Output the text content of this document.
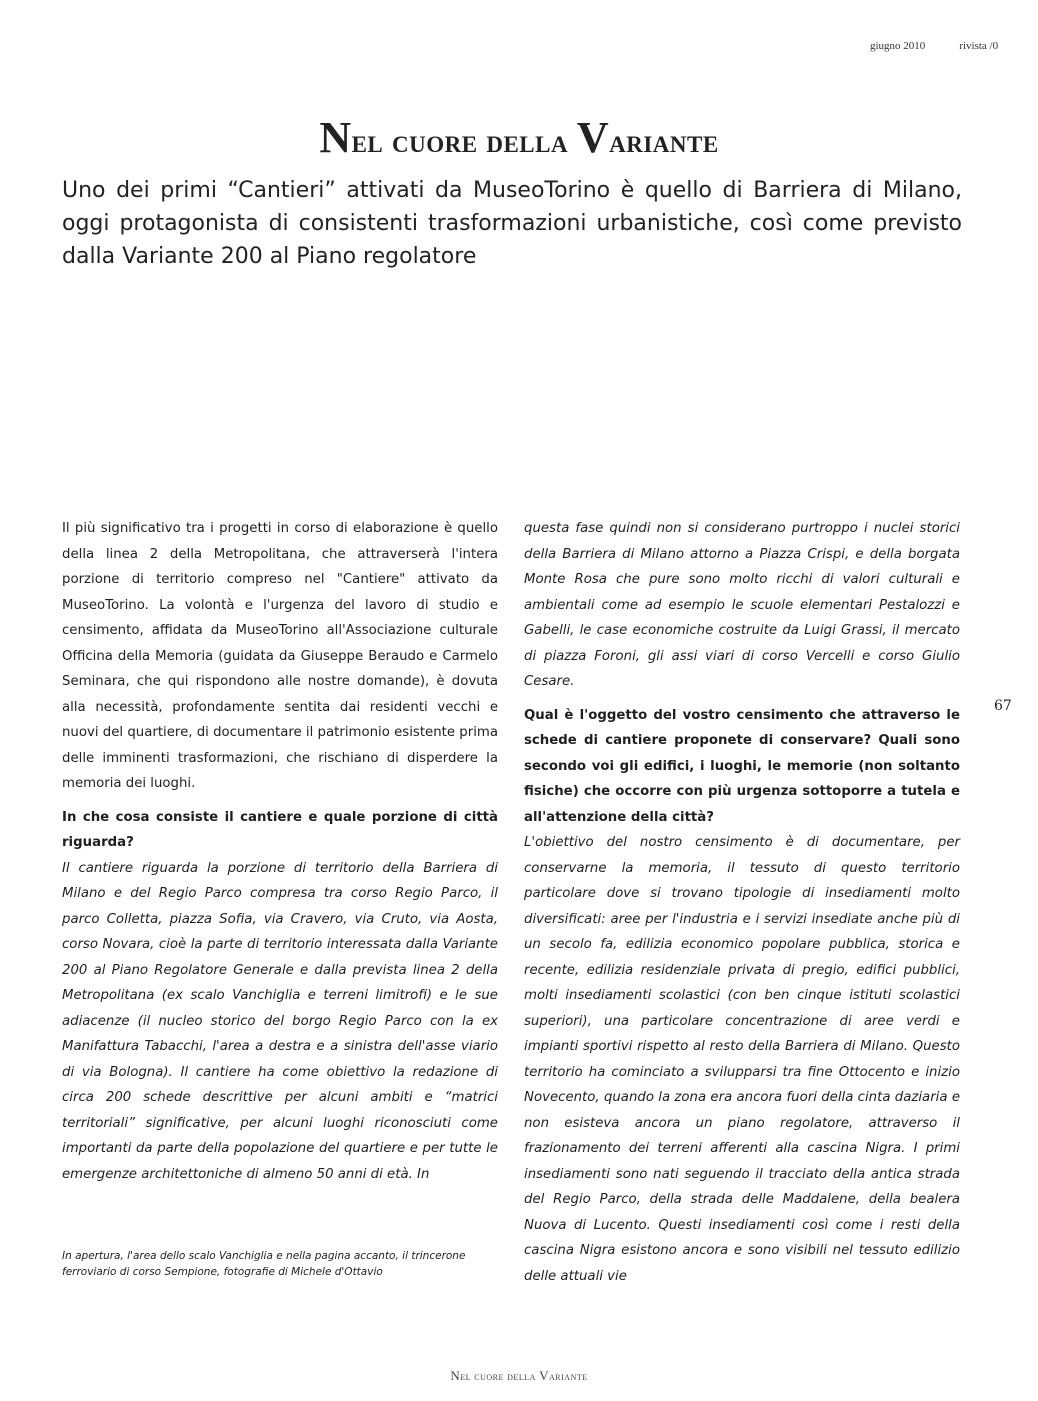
giugno 2010	rivista /0
Nel cuore della Variante

Uno dei primi “Cantieri” attivati da MuseoTorino è quello di Barriera di Milano, oggi protagonista di consistenti trasformazioni urbanistiche, così come previsto dalla Variante 200 al Piano regolatore

Il più significativo tra i progetti in corso di elaborazione è quello della linea 2 della Metropolitana, che attraverserà l'intera porzione di territorio compreso nel "Cantiere" attivato da MuseoTorino. La volontà e l'urgenza del lavoro di studio e censimento, affidata da MuseoTorino all'Associazione culturale Officina della Memoria (guidata da Giuseppe Beraudo e Carmelo Seminara, che qui rispondono alle nostre domande), è dovuta alla necessità, profondamente sentita dai residenti vecchi e nuovi del quartiere, di documentare il patrimonio esistente prima delle imminenti trasformazioni, che rischiano di disperdere la memoria dei luoghi.

In che cosa consiste il cantiere e quale porzione di città riguarda?

Il cantiere riguarda la porzione di territorio della Barriera di Milano e del Regio Parco compresa tra corso Regio Parco, il parco Colletta, piazza Sofia, via Cravero, via Cruto, via Aosta, corso Novara, cioè la parte di territorio interessata dalla Variante 200 al Piano Regolatore Generale e dalla prevista linea 2 della Metropolitana (ex scalo Vanchiglia e terreni limitrofi) e le sue adiacenze (il nucleo storico del borgo Regio Parco con la ex Manifattura Tabacchi, l'area a destra e a sinistra dell'asse viario di via Bologna). Il cantiere ha come obiettivo la redazione di circa 200 schede descrittive per alcuni ambiti e “matrici territoriali” significative, per alcuni luoghi riconosciuti come importanti da parte della popolazione del quartiere e per tutte le emergenze architettoniche di almeno 50 anni di età. In

In apertura, l'area dello scalo Vanchiglia e nella pagina accanto, il trincerone ferroviario di corso Sempione, fotografie di Michele d'Ottavio

questa fase quindi non si considerano purtroppo i nuclei storici della Barriera di Milano attorno a Piazza Crispi, e della borgata Monte Rosa che pure sono molto ricchi di valori culturali e ambientali come ad esempio le scuole elementari Pestalozzi e Gabelli, le case economiche costruite da Luigi Grassi, il mercato di piazza Foroni, gli assi viari di corso Vercelli e corso Giulio Cesare.

Qual è l'oggetto del vostro censimento che attraverso le schede di cantiere proponete di conservare? Quali sono secondo voi gli edifici, i luoghi, le memorie (non soltanto fisiche) che occorre con più urgenza sottoporre a tutela e all'attenzione della città?

L'obiettivo del nostro censimento è di documentare, per conservarne la memoria, il tessuto di questo territorio particolare dove si trovano tipologie di insediamenti molto diversificati: aree per l'industria e i servizi insediate anche più di un secolo fa, edilizia economico popolare pubblica, storica e recente, edilizia residenziale privata di pregio, edifici pubblici, molti insediamenti scolastici (con ben cinque istituti scolastici superiori), una particolare concentrazione di aree verdi e impianti sportivi rispetto al resto della Barriera di Milano. Questo territorio ha cominciato a svilupparsi tra fine Ottocento e inizio Novecento, quando la zona era ancora fuori della cinta daziaria e non esisteva ancora un piano regolatore, attraverso il frazionamento dei terreni afferenti alla cascina Nigra. I primi insediamenti sono nati seguendo il tracciato della antica strada del Regio Parco, della strada delle Maddalene, della bealera Nuova di Lucento. Questi insediamenti così come i resti della cascina Nigra esistono ancora e sono visibili nel tessuto edilizio delle attuali vie

67
Nel cuore della Variante
